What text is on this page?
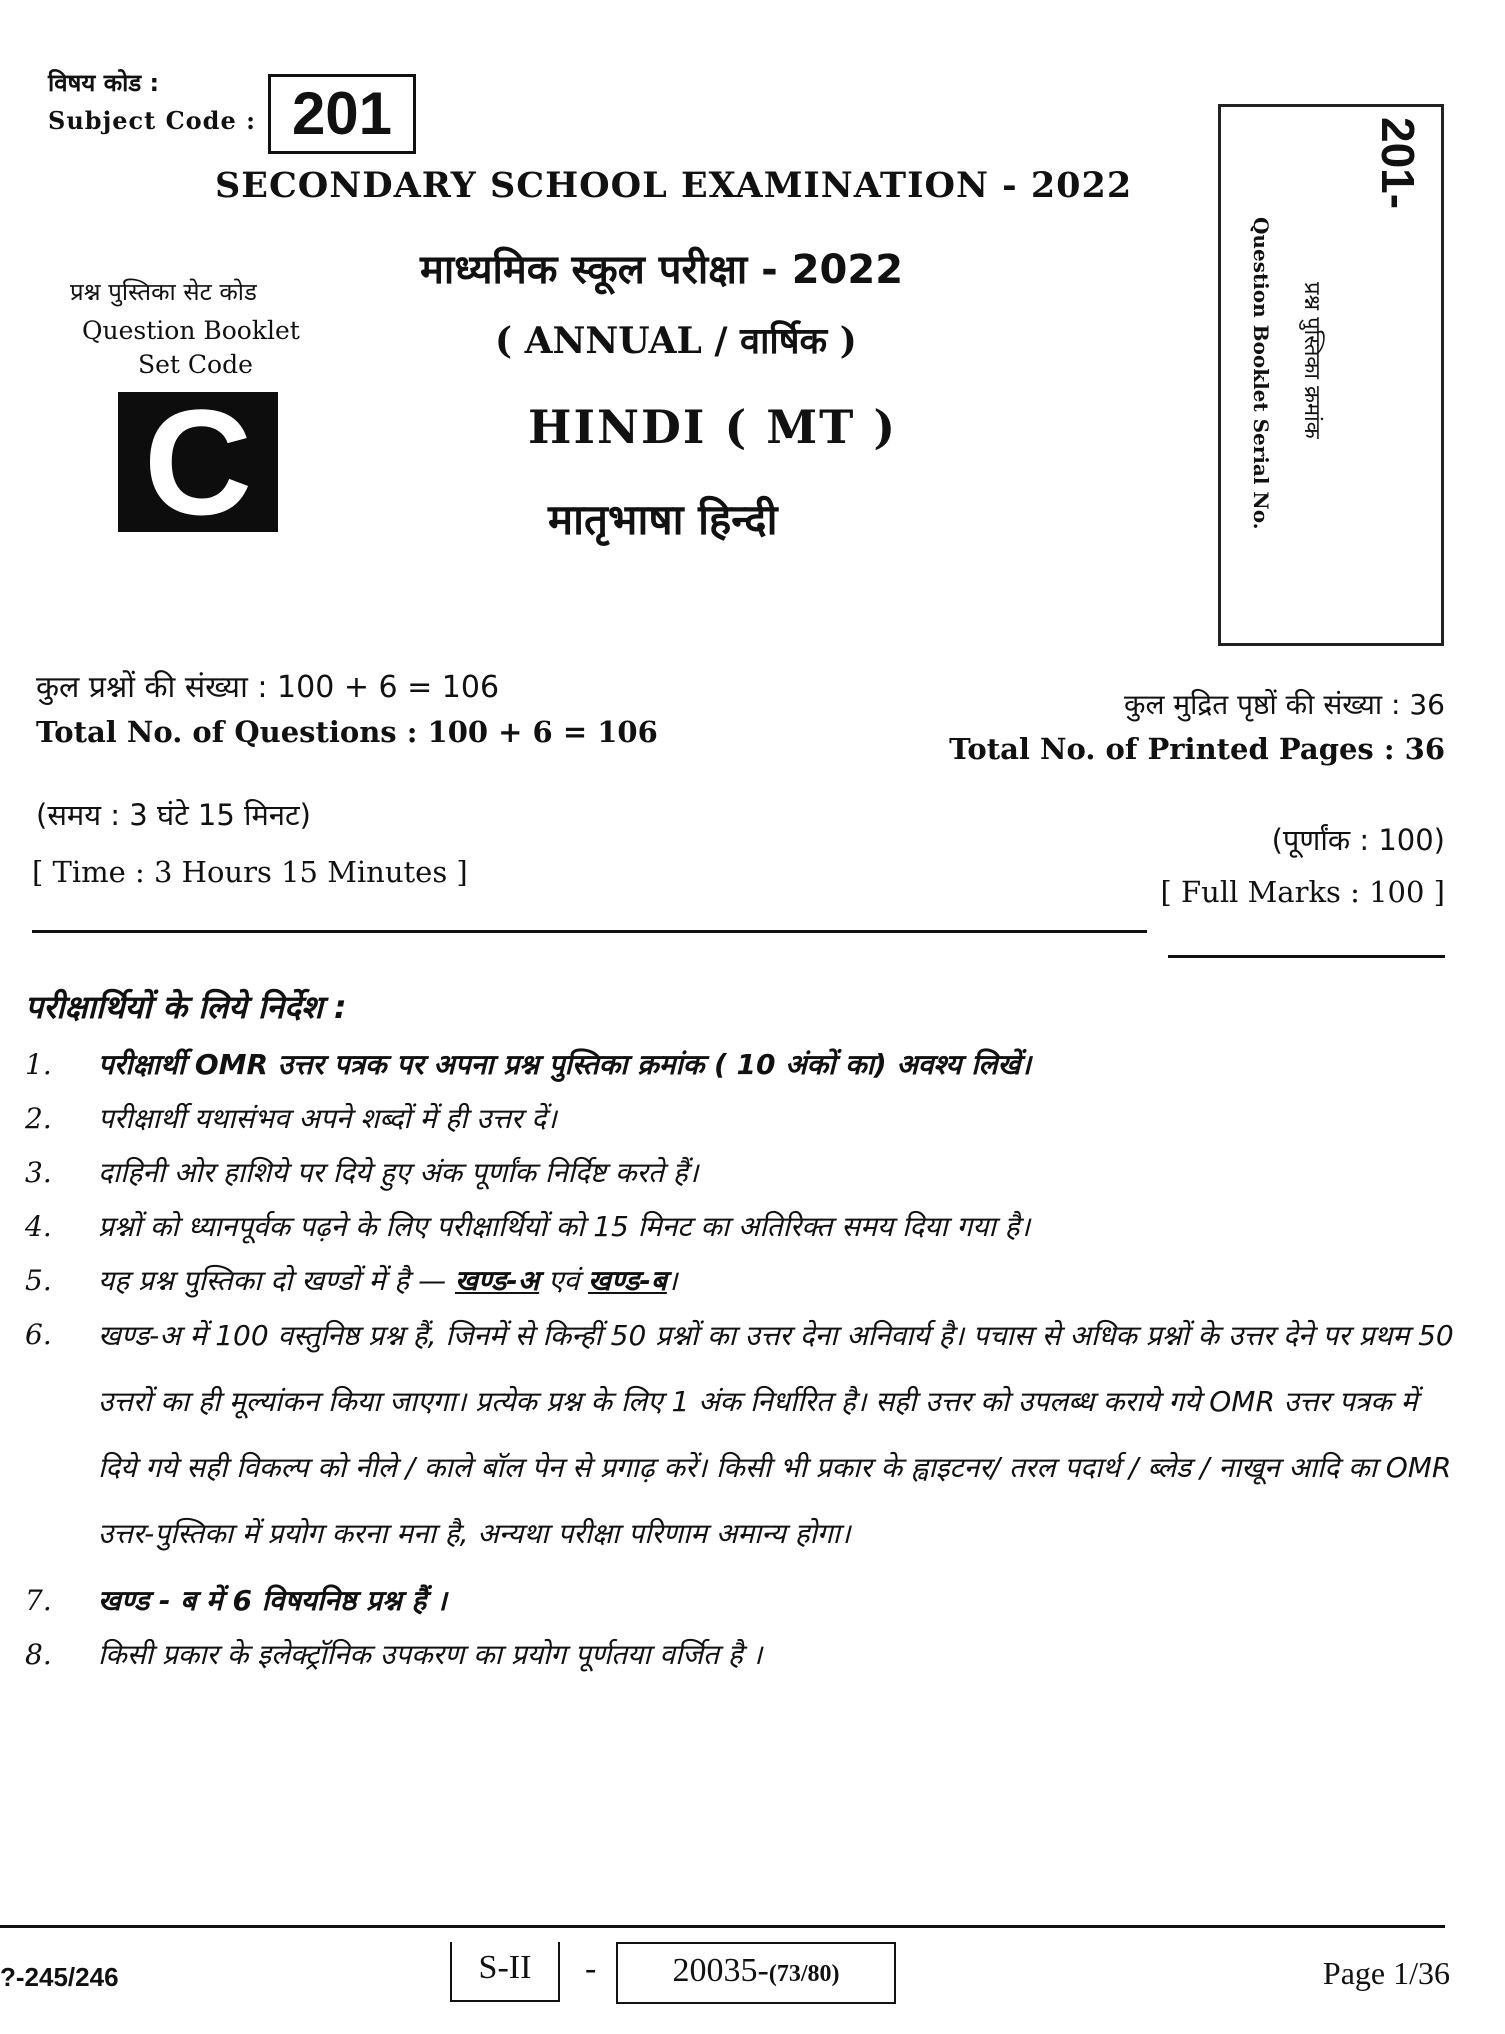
विषय कोड :
Subject Code : 201
SECONDARY SCHOOL EXAMINATION - 2022
माध्यमिक स्कूल परीक्षा - 2022
( ANNUAL / वार्षिक )
HINDI ( MT )
मातृभाषा हिन्दी
प्रश्न पुस्तिका सेट कोड
Question Booklet
Set Code
C
201-
प्रश्न पुस्तिका क्रमांक
Question Booklet Serial No.
कुल प्रश्नों की संख्या : 100 + 6 = 106
Total No. of Questions : 100 + 6 = 106
कुल मुद्रित पृष्ठों की संख्या : 36
Total No. of Printed Pages : 36
(समय : 3 घंटे 15 मिनट)
[ Time : 3 Hours 15 Minutes ]
(पूर्णांक : 100)
[ Full Marks : 100 ]
परीक्षार्थियों के लिये निर्देश :
1.	परीक्षार्थी OMR उत्तर पत्रक पर अपना प्रश्न पुस्तिका क्रमांक ( 10 अंकों का) अवश्य लिखें।
2.	परीक्षार्थी यथासंभव अपने शब्दों में ही उत्तर दें।
3.	दाहिनी ओर हाशिये पर दिये हुए अंक पूर्णांक निर्दिष्ट करते हैं।
4.	प्रश्नों को ध्यानपूर्वक पढ़ने के लिए परीक्षार्थियों को 15 मिनट का अतिरिक्त समय दिया गया है।
5.	यह प्रश्न पुस्तिका दो खण्डों में है — खण्ड-अ एवं खण्ड-ब।
6.	खण्ड-अ में 100 वस्तुनिष्ठ प्रश्न हैं, जिनमें से किन्हीं 50 प्रश्नों का उत्तर देना अनिवार्य है। पचास से अधिक प्रश्नों के उत्तर देने पर प्रथम 50 उत्तरों का ही मूल्यांकन किया जाएगा। प्रत्येक प्रश्न के लिए 1 अंक निर्धारित है। सही उत्तर को उपलब्ध कराये गये OMR उत्तर पत्रक में दिये गये सही विकल्प को नीले / काले बॉल पेन से प्रगाढ़ करें। किसी भी प्रकार के ह्वाइटनर/ तरल पदार्थ / ब्लेड / नाखून आदि का OMR उत्तर-पुस्तिका में प्रयोग करना मना है, अन्यथा परीक्षा परिणाम अमान्य होगा।
7.	खण्ड - ब में 6 विषयनिष्ठ प्रश्न हैं ।
8.	किसी प्रकार के इलेक्ट्रॉनिक उपकरण का प्रयोग पूर्णतया वर्जित है ।
?-245/246	S-II	-	20035-(73/80)	Page 1/36
